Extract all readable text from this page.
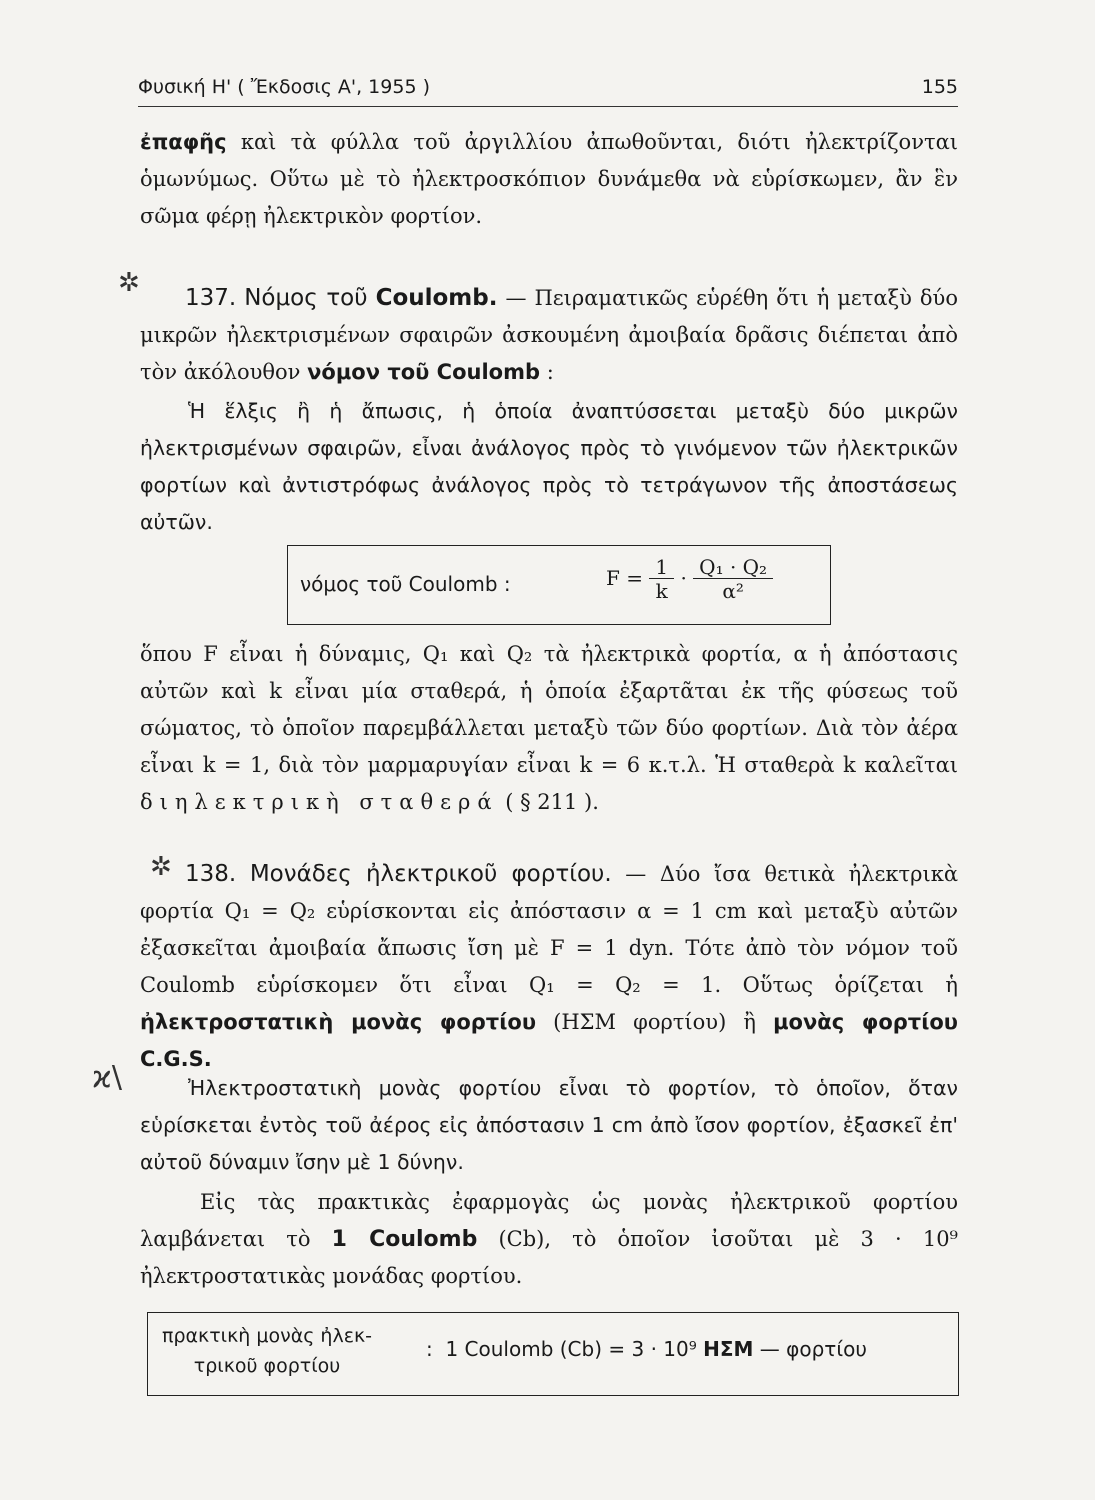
Φυσική Η' ( Ἔκδοσις Α', 1955 )	155
ἐπαφῆς καὶ τὰ φύλλα τοῦ ἀργιλλίου ἀπωθοῦνται, διότι ἠλεκτρίζονται ὁμωνύμως. Οὕτω μὲ τὸ ἠλεκτροσκόπιον δυνάμεθα νὰ εὑρίσκωμεν, ἂν ἓν σῶμα φέρῃ ἠλεκτρικὸν φορτίον.
✲	137. Νόμος τοῦ Coulomb. — Πειραματικῶς εὑρέθη ὅτι ἡ μεταξὺ δύο μικρῶν ἠλεκτρισμένων σφαιρῶν ἀσκουμένη ἀμοιβαία δρᾶσις διέπεται ἀπὸ τὸν ἀκόλουθον νόμον τοῦ Coulomb :
Ἡ ἕλξις ἢ ἡ ἄπωσις, ἡ ὁποία ἀναπτύσσεται μεταξὺ δύο μικρῶν ἠλεκτρισμένων σφαιρῶν, εἶναι ἀνάλογος πρὸς τὸ γινόμενον τῶν ἠλεκτρικῶν φορτίων καὶ ἀντιστρόφως ἀνάλογος πρὸς τὸ τετράγωνον τῆς ἀποστάσεως αὐτῶν.
νόμος τοῦ Coulomb :	$F = \frac{1}{k} \cdot \frac{\text{Q₁ · Q₂}}{\text{α²}}$
ὅπου F εἶναι ἡ δύναμις, Q₁ καὶ Q₂ τὰ ἠλεκτρικὰ φορτία, α ἡ ἀπόστασις αὐτῶν καὶ k εἶναι μία σταθερά, ἡ ὁποία ἐξαρτᾶται ἐκ τῆς φύσεως τοῦ σώματος, τὸ ὁποῖον παρεμβάλλεται μεταξὺ τῶν δύο φορτίων. Διὰ τὸν ἀέρα εἶναι k = 1, διὰ τὸν μαρμαρυγίαν εἶναι k = 6 κ.τ.λ. Ἡ σταθερὰ k καλεῖται διηλεκτρικὴ σταθερά ( § 211 ).
✲ 138. Μονάδες ἠλεκτρικοῦ φορτίου. — Δύο ἴσα θετικὰ ἠλεκτρικὰ φορτία Q₁ = Q₂ εὑρίσκονται εἰς ἀπόστασιν α = 1 cm καὶ μεταξὺ αὐτῶν ἐξασκεῖται ἀμοιβαία ἄπωσις ἴση μὲ F = 1 dyn. Τότε ἀπὸ τὸν νόμον τοῦ Coulomb εὑρίσκομεν ὅτι εἶναι Q₁ = Q₂ = 1. Οὕτως ὁρίζεται ἡ ἠλεκτροστατικὴ μονὰς φορτίου (ΗΣΜ φορτίου) ἢ μονὰς φορτίου C.G.S.
ϰ\	Ἠλεκτροστατικὴ μονὰς φορτίου εἶναι τὸ φορτίον, τὸ ὁποῖον, ὅταν εὑρίσκεται ἐντὸς τοῦ ἀέρος εἰς ἀπόστασιν 1 cm ἀπὸ ἴσον φορτίον, ἐξασκεῖ ἐπ' αὐτοῦ δύναμιν ἴσην μὲ 1 δύνην.
Εἰς τὰς πρακτικὰς ἐφαρμογὰς ὡς μονὰς ἠλεκτρικοῦ φορτίου λαμβάνεται τὸ 1 Coulomb (Cb), τὸ ὁποῖον ἰσοῦται μὲ 3 · 10⁹ ἠλεκτροστατικὰς μονάδας φορτίου.
πρακτικὴ μονὰς ἠλεκ-
τρικοῦ φορτίου
: 1 Coulomb (Cb) = 3 · 10⁹ ΗΣΜ — φορτίου
